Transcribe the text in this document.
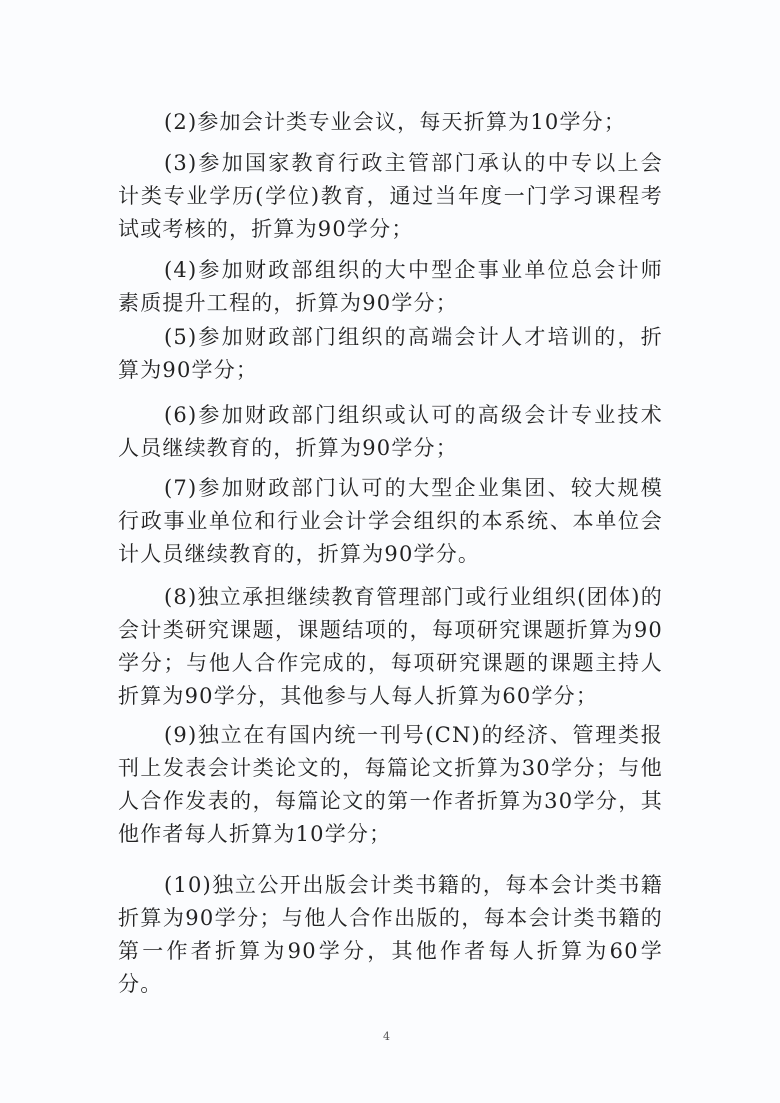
(2)参加会计类专业会议，每天折算为10学分；

(3)参加国家教育行政主管部门承认的中专以上会计类专业学历(学位)教育，通过当年度一门学习课程考试或考核的，折算为90学分；

(4)参加财政部组织的大中型企事业单位总会计师素质提升工程的，折算为90学分；

(5)参加财政部门组织的高端会计人才培训的，折算为90学分；

(6)参加财政部门组织或认可的高级会计专业技术人员继续教育的，折算为90学分；

(7)参加财政部门认可的大型企业集团、较大规模行政事业单位和行业会计学会组织的本系统、本单位会计人员继续教育的，折算为90学分。

(8)独立承担继续教育管理部门或行业组织(团体)的会计类研究课题，课题结项的，每项研究课题折算为90学分；与他人合作完成的，每项研究课题的课题主持人折算为90学分，其他参与人每人折算为60学分；

(9)独立在有国内统一刊号(CN)的经济、管理类报刊上发表会计类论文的，每篇论文折算为30学分；与他人合作发表的，每篇论文的第一作者折算为30学分，其他作者每人折算为10学分；

(10)独立公开出版会计类书籍的，每本会计类书籍折算为90学分；与他人合作出版的，每本会计类书籍的第一作者折算为90学分，其他作者每人折算为60学分。

4
